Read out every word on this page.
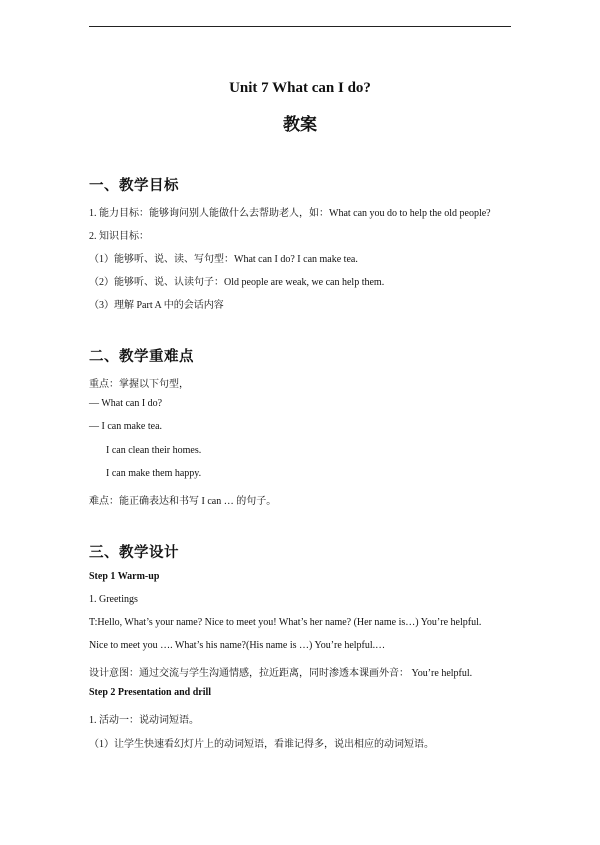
Unit 7 What can I do?
教案
一、教学目标
1. 能力目标：能够询问别人能做什么去帮助老人，如：What can you do to help the old people?
2. 知识目标：
（1）能够听、说、读、写句型：What can I do? I can make tea.
（2）能够听、说、认读句子：Old people are weak, we can help them.
（3）理解 Part A 中的会话内容
二、教学重难点
重点：掌握以下句型，
— What can I do?
— I can make tea.
I can clean their homes.
I can make them happy.
难点：能正确表达和书写 I can … 的句子。
三、教学设计
Step 1 Warm-up
1. Greetings
T:Hello, What’s your name? Nice to meet you! What’s her name? (Her name is…) You’re helpful.
Nice to meet you …. What’s his name?(His name is …) You’re helpful.…
设计意图：通过交流与学生沟通情感，拉近距离，同时渗透本课画外音： You’re helpful.
Step 2 Presentation and drill
1. 活动一：说动词短语。
（1）让学生快速看幻灯片上的动词短语，看谁记得多，说出相应的动词短语。
